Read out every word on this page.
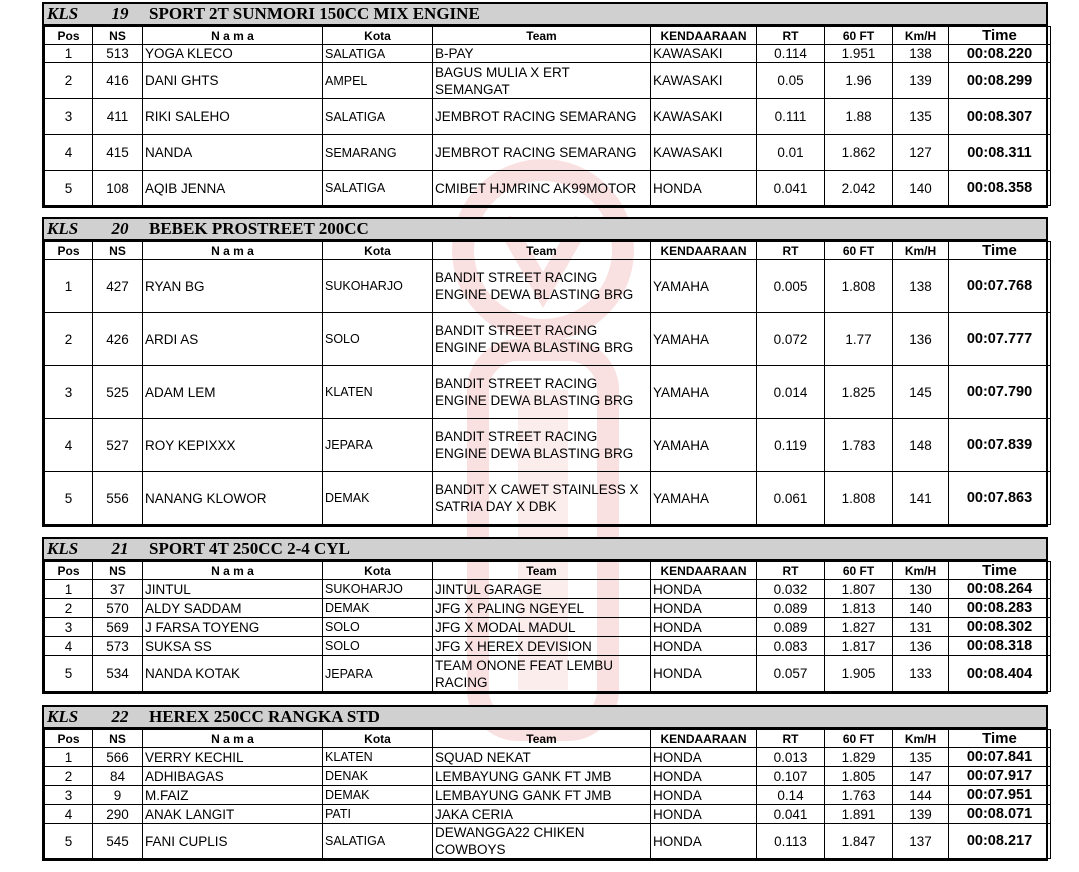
KLS	19	SPORT 2T SUNMORI 150CC MIX ENGINE
Pos	NS	N a m a	Kota	Team	KENDAARAAN	RT	60 FT	Km/H	Time
1	513	YOGA KLECO	SALATIGA	B-PAY	KAWASAKI	0.114	1.951	138	00:08.220
2	416	DANI GHTS	AMPEL	BAGUS MULIA X ERT SEMANGAT	KAWASAKI	0.05	1.96	139	00:08.299
3	411	RIKI SALEHO	SALATIGA	JEMBROT RACING SEMARANG	KAWASAKI	0.111	1.88	135	00:08.307
4	415	NANDA	SEMARANG	JEMBROT RACING SEMARANG	KAWASAKI	0.01	1.862	127	00:08.311
5	108	AQIB JENNA	SALATIGA	CMIBET HJMRINC AK99MOTOR	HONDA	0.041	2.042	140	00:08.358
KLS	20	BEBEK PROSTREET 200CC
Pos	NS	N a m a	Kota	Team	KENDAARAAN	RT	60 FT	Km/H	Time
1	427	RYAN BG	SUKOHARJO	BANDIT STREET RACING ENGINE DEWA BLASTING BRG	YAMAHA	0.005	1.808	138	00:07.768
2	426	ARDI AS	SOLO	BANDIT STREET RACING ENGINE DEWA BLASTING BRG	YAMAHA	0.072	1.77	136	00:07.777
3	525	ADAM LEM	KLATEN	BANDIT STREET RACING ENGINE DEWA BLASTING BRG	YAMAHA	0.014	1.825	145	00:07.790
4	527	ROY KEPIXXX	JEPARA	BANDIT STREET RACING ENGINE DEWA BLASTING BRG	YAMAHA	0.119	1.783	148	00:07.839
5	556	NANANG KLOWOR	DEMAK	BANDIT X CAWET STAINLESS X SATRIA DAY X DBK	YAMAHA	0.061	1.808	141	00:07.863
KLS	21	SPORT 4T 250CC 2-4 CYL
Pos	NS	N a m a	Kota	Team	KENDAARAAN	RT	60 FT	Km/H	Time
1	37	JINTUL	SUKOHARJO	JINTUL GARAGE	HONDA	0.032	1.807	130	00:08.264
2	570	ALDY SADDAM	DEMAK	JFG X PALING NGEYEL	HONDA	0.089	1.813	140	00:08.283
3	569	J FARSA TOYENG	SOLO	JFG X MODAL MADUL	HONDA	0.089	1.827	131	00:08.302
4	573	SUKSA SS	SOLO	JFG X HEREX DEVISION	HONDA	0.083	1.817	136	00:08.318
5	534	NANDA KOTAK	JEPARA	TEAM ONONE FEAT LEMBU RACING	HONDA	0.057	1.905	133	00:08.404
KLS	22	HEREX 250CC RANGKA STD
Pos	NS	N a m a	Kota	Team	KENDAARAAN	RT	60 FT	Km/H	Time
1	566	VERRY KECHIL	KLATEN	SQUAD NEKAT	HONDA	0.013	1.829	135	00:07.841
2	84	ADHIBAGAS	DENAK	LEMBAYUNG GANK FT JMB	HONDA	0.107	1.805	147	00:07.917
3	9	M.FAIZ	DEMAK	LEMBAYUNG GANK FT JMB	HONDA	0.14	1.763	144	00:07.951
4	290	ANAK LANGIT	PATI	JAKA CERIA	HONDA	0.041	1.891	139	00:08.071
5	545	FANI CUPLIS	SALATIGA	DEWANGGA22 CHIKEN COWBOYS	HONDA	0.113	1.847	137	00:08.217
